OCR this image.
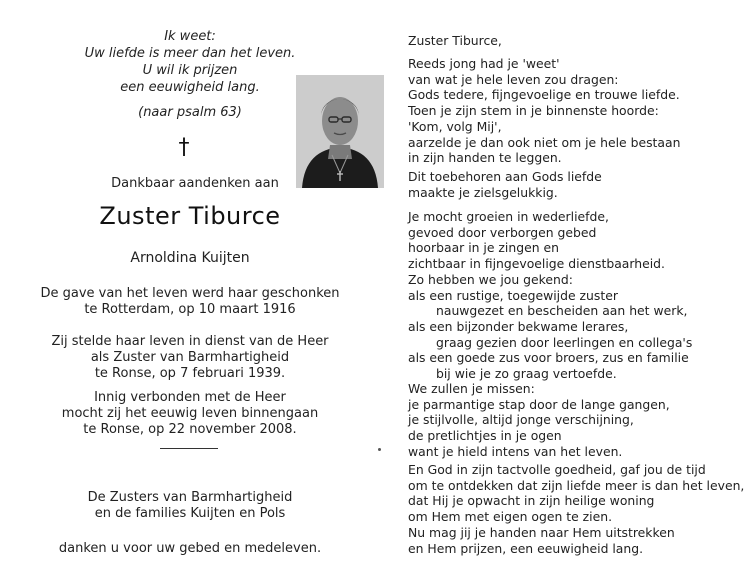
Ik weet:
Uw liefde is meer dan het leven.
U wil ik prijzen
een eeuwigheid lang.
(naar psalm 63)
†
Dankbaar aandenken aan
Zuster Tiburce
Arnoldina Kuijten
De gave van het leven werd haar geschonken
te Rotterdam, op 10 maart 1916
Zij stelde haar leven in dienst van de Heer
als Zuster van Barmhartigheid
te Ronse, op 7 februari 1939.
Innig verbonden met de Heer
mocht zij het eeuwig leven binnengaan
te Ronse, op 22 november 2008.
De Zusters van Barmhartigheid
en de families Kuijten en Pols
danken u voor uw gebed en medeleven.
Zuster Tiburce,
Reeds jong had je 'weet'
van wat je hele leven zou dragen:
Gods tedere, fijngevoelige en trouwe liefde.
Toen je zijn stem in je binnenste hoorde:
'Kom, volg Mij',
aarzelde je dan ook niet om je hele bestaan
in zijn handen te leggen.
Dit toebehoren aan Gods liefde
maakte je zielsgelukkig.
Je mocht groeien in wederliefde,
gevoed door verborgen gebed
hoorbaar in je zingen en
zichtbaar in fijngevoelige dienstbaarheid.
Zo hebben we jou gekend:
als een rustige, toegewijde zuster
nauwgezet en bescheiden aan het werk,
als een bijzonder bekwame lerares,
graag gezien door leerlingen en collega's
als een goede zus voor broers, zus en familie
bij wie je zo graag vertoefde.
We zullen je missen:
je parmantige stap door de lange gangen,
je stijlvolle, altijd jonge verschijning,
de pretlichtjes in je ogen
want je hield intens van het leven.
En God in zijn tactvolle goedheid, gaf jou de tijd
om te ontdekken dat zijn liefde meer is dan het leven,
dat Hij je opwacht in zijn heilige woning
om Hem met eigen ogen te zien.
Nu mag jij je handen naar Hem uitstrekken
en Hem prijzen, een eeuwigheid lang.
